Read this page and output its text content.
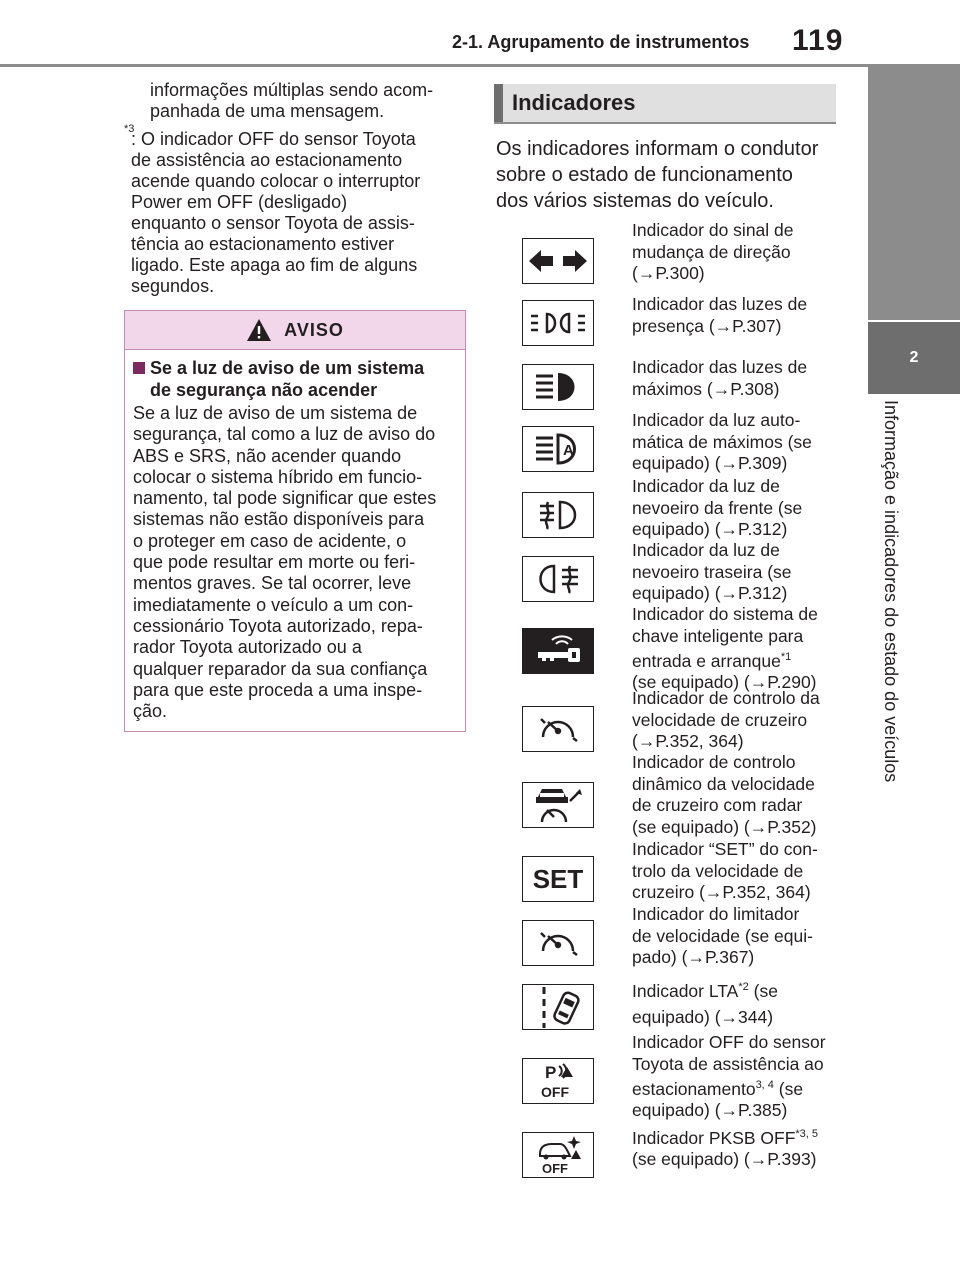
2-1. Agrupamento de instrumentos 119
2
Informação e indicadores do estado do veículos
informações múltiplas sendo acom-
panhada de uma mensagem.
$^{*3}$
: O indicador OFF do sensor Toyota
de assistência ao estacionamento
acende quando colocar o interruptor
Power em OFF (desligado)
enquanto o sensor Toyota de assis-
tência ao estacionamento estiver
ligado. Este apaga ao fim de alguns
segundos.
AVISO
Se a luz de aviso de um sistema
de segurança não acender
Se a luz de aviso de um sistema de
segurança, tal como a luz de aviso do
ABS e SRS, não acender quando
colocar o sistema híbrido em funcio-
namento, tal pode significar que estes
sistemas não estão disponíveis para
o proteger em caso de acidente, o
que pode resultar em morte ou feri-
mentos graves. Se tal ocorrer, leve
imediatamente o veículo a um con-
cessionário Toyota autorizado, repa-
rador Toyota autorizado ou a
qualquer reparador da sua confiança
para que este proceda a uma inspe-
ção.
Indicadores
Os indicadores informam o condutor
sobre o estado de funcionamento
dos vários sistemas do veículo.
Indicador do sinal de
mudança de direção
(→P.300)
Indicador das luzes de
presença (→P.307)
Indicador das luzes de
máximos (→P.308)
A
Indicador da luz auto-
mática de máximos (se
equipado) (→P.309)
Indicador da luz de
nevoeiro da frente (se
equipado) (→P.312)
Indicador da luz de
nevoeiro traseira (se
equipado) (→P.312)
Indicador do sistema de
chave inteligente para
entrada e arranque$^{*1}$
(se equipado) (→P.290)
Indicador de controlo da
velocidade de cruzeiro
(→P.352, 364)
Indicador de controlo
dinâmico da velocidade
de cruzeiro com radar
(se equipado) (→P.352)
SET
Indicador “SET” do con-
trolo da velocidade de
cruzeiro (→P.352, 364)
Indicador do limitador
de velocidade (se equi-
pado) (→P.367)
Indicador LTA$^{*2}$ (se
equipado) (→344)
P
OFF
Indicador OFF do sensor
Toyota de assistência ao
estacionamento$^{3, 4}$ (se
equipado) (→P.385)
OFF
Indicador PKSB OFF$^{*3, 5}$
(se equipado) (→P.393)
